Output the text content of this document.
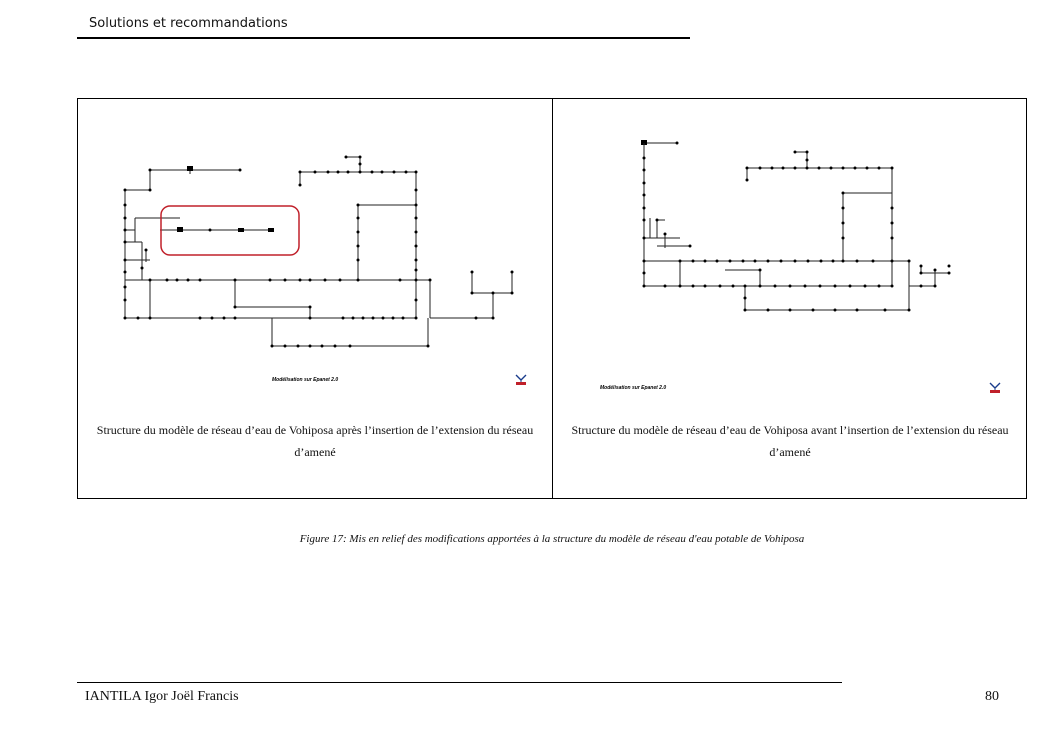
Solutions et recommandations
Modélisation sur Epanet 2.0
Structure du modèle de réseau d’eau de Vohiposa après l’insertion de l’extension du réseau d’amené
Modélisation sur Epanet 2.0
Structure du modèle de réseau d’eau de Vohiposa avant l’insertion de l’extension du réseau d’amené
Figure 17: Mis en relief des modifications apportées à la structure du modèle de réseau d'eau potable de Vohiposa
IANTILA Igor Joël Francis	80
